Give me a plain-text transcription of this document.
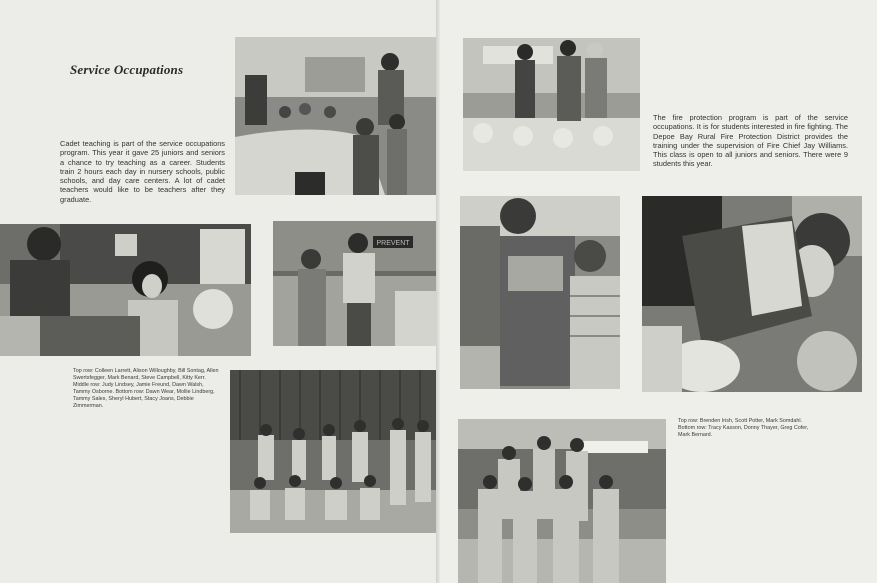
Service Occupations

Cadet teaching is part of the service occupations program. This year it gave 25 juniors and seniors a chance to try teaching as a career. Students train 2 hours each day in nursery schools, public schools, and day care centers. A lot of cadet teachers would like to be teachers after they graduate.

PREVENT

Top row: Colleen Larrett, Alison Willoughby, Bill Sontag, Allen Swertsfegger, Mark Benard, Steve Campbell, Kitty Kerr. Middle row: Judy Lindsey, Jamie Freund, Dawn Walsh, Tammy Osborne. Bottom row: Dawn Wear, Mollie Lindberg, Tammy Sales, Sheryl Hubert, Stacy Joans, Debbie Zimmerman.

The fire protection program is part of the service occupations. It is for students interested in fire fighting. The Depoe Bay Rural Fire Protection District provides the training under the supervision of Fire Chief Jay Williams. This class is open to all juniors and seniors. There were 9 students this year.

Top row: Brenden Irish, Scott Potter, Mark Somdahl. Bottom row: Tracy Kasson, Donny Thayer, Greg Cofer, Mark Bernard.
